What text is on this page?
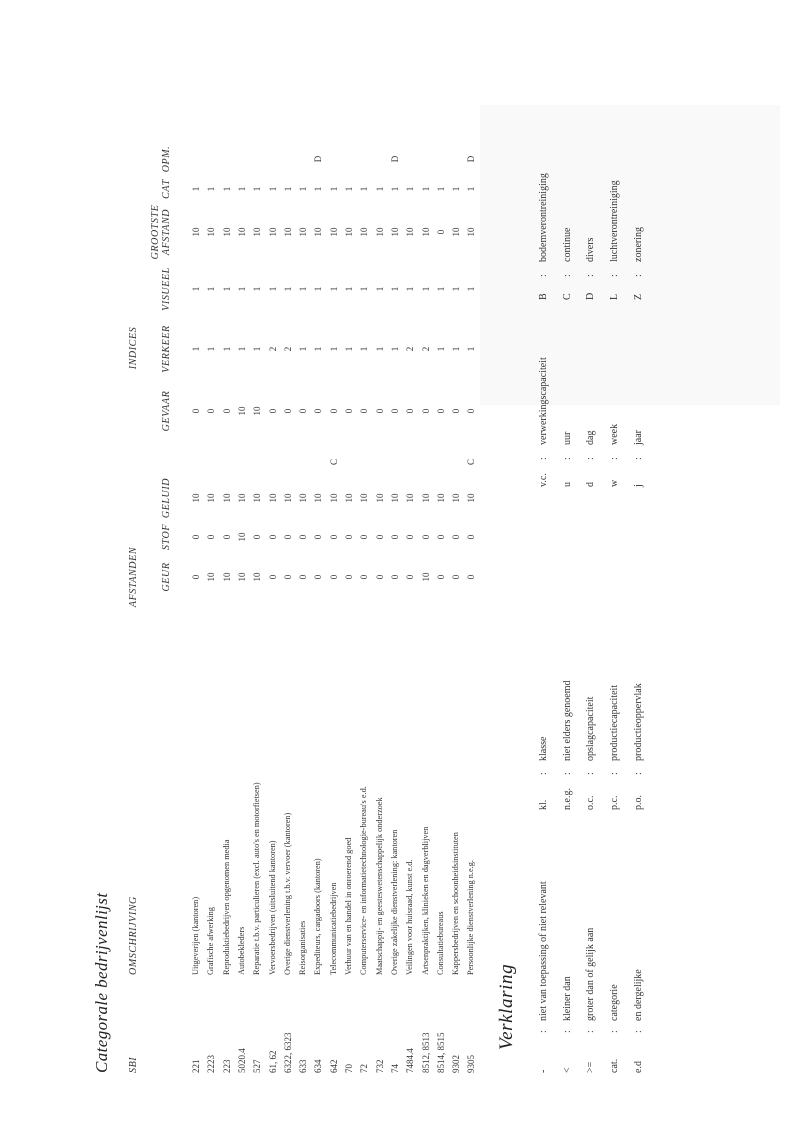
Categorale bedrijvenlijst SBI
OMSCHRIJVING
AFSTANDEN
INDICES
GEUR
STOF
GELUID
GEVAAR
VERKEER
VISUEEL
GROOTSTE AFSTAND
CAT
OPM.
221
Uitgeverijen (kantoren)
0
0
10
0
1
1
10
1
2223
Grafische afwerking
10
0
10
0
1
1
10
1
223
Reproduktiebedrijven opgenomen media
10
0
10
0
1
1
10
1
5020.4
Autobekleders
10
10
10
10
1
1
10
1
527
Reparatie t.b.v. particulieren (excl. auto's en motorfietsen)
10
0
10
10
1
1
10
1
61, 62
Vervoersbedrijven (uitsluitend kantoren)
0
0
10
0
2
1
10
1
6322, 6323
Overige dienstverlening t.b.v. vervoer (kantoren)
0
0
10
0
2
1
10
1
633
Reisorganisaties
0
0
10
0
1
1
10
1
634
Expediteurs, cargadoors (kantoren)
0
0
10
0
1
1
10
1
D
642
Telecommunicatiebedrijven
0
0
10
C
0
1
1
10
1
70
Verhuur van en handel in onroerend goed
0
0
10
0
1
1
10
1
72
Computerservice- en informatietechnologie-bureau's e.d.
0
0
10
0
1
1
10
1
732
Maatschappij- en geesteswetenschappelijk onderzoek
0
0
10
0
1
1
10
1
74
Overige zakelijke dienstverlening: kantoren
0
0
10
0
1
1
10
1
D
7484.4
Veilingen voor huisraad, kunst e.d.
0
0
10
0
2
1
10
1
8512, 8513
Artsenpraktijken, klinieken en dagverblijven
10
0
10
0
2
1
10
1
8514, 8515
Consultatiebureaus
0
0
10
0
1
1
0
1
9302
Kappersbedrijven en schoonheidsinstituten
0
0
10
0
1
1
10
1
9305
Persoonlijke dienstverlening n.e.g.
0
0
10
C
0
1
1
10
1
D
Verklaring
-
:
niet van toepassing of niet relevant
<
:
kleiner dan
>=
:
groter dan of gelijk aan
cat.
:
categorie
e.d
:
en dergelijke
kl.
:
klasse
n.e.g.
:
niet elders genoemd
o.c.
:
opslagcapaciteit
p.c.
:
productiecapaciteit
p.o.
:
productieoppervlak
v.c.
:
verwerkingscapaciteit
u
:
uur
d
:
dag
w
:
week
j
:
jaar
B
:
bodemverontreiniging
C
:
continue
D
:
divers
L
:
luchtverontreiniging
Z
:
zonering
